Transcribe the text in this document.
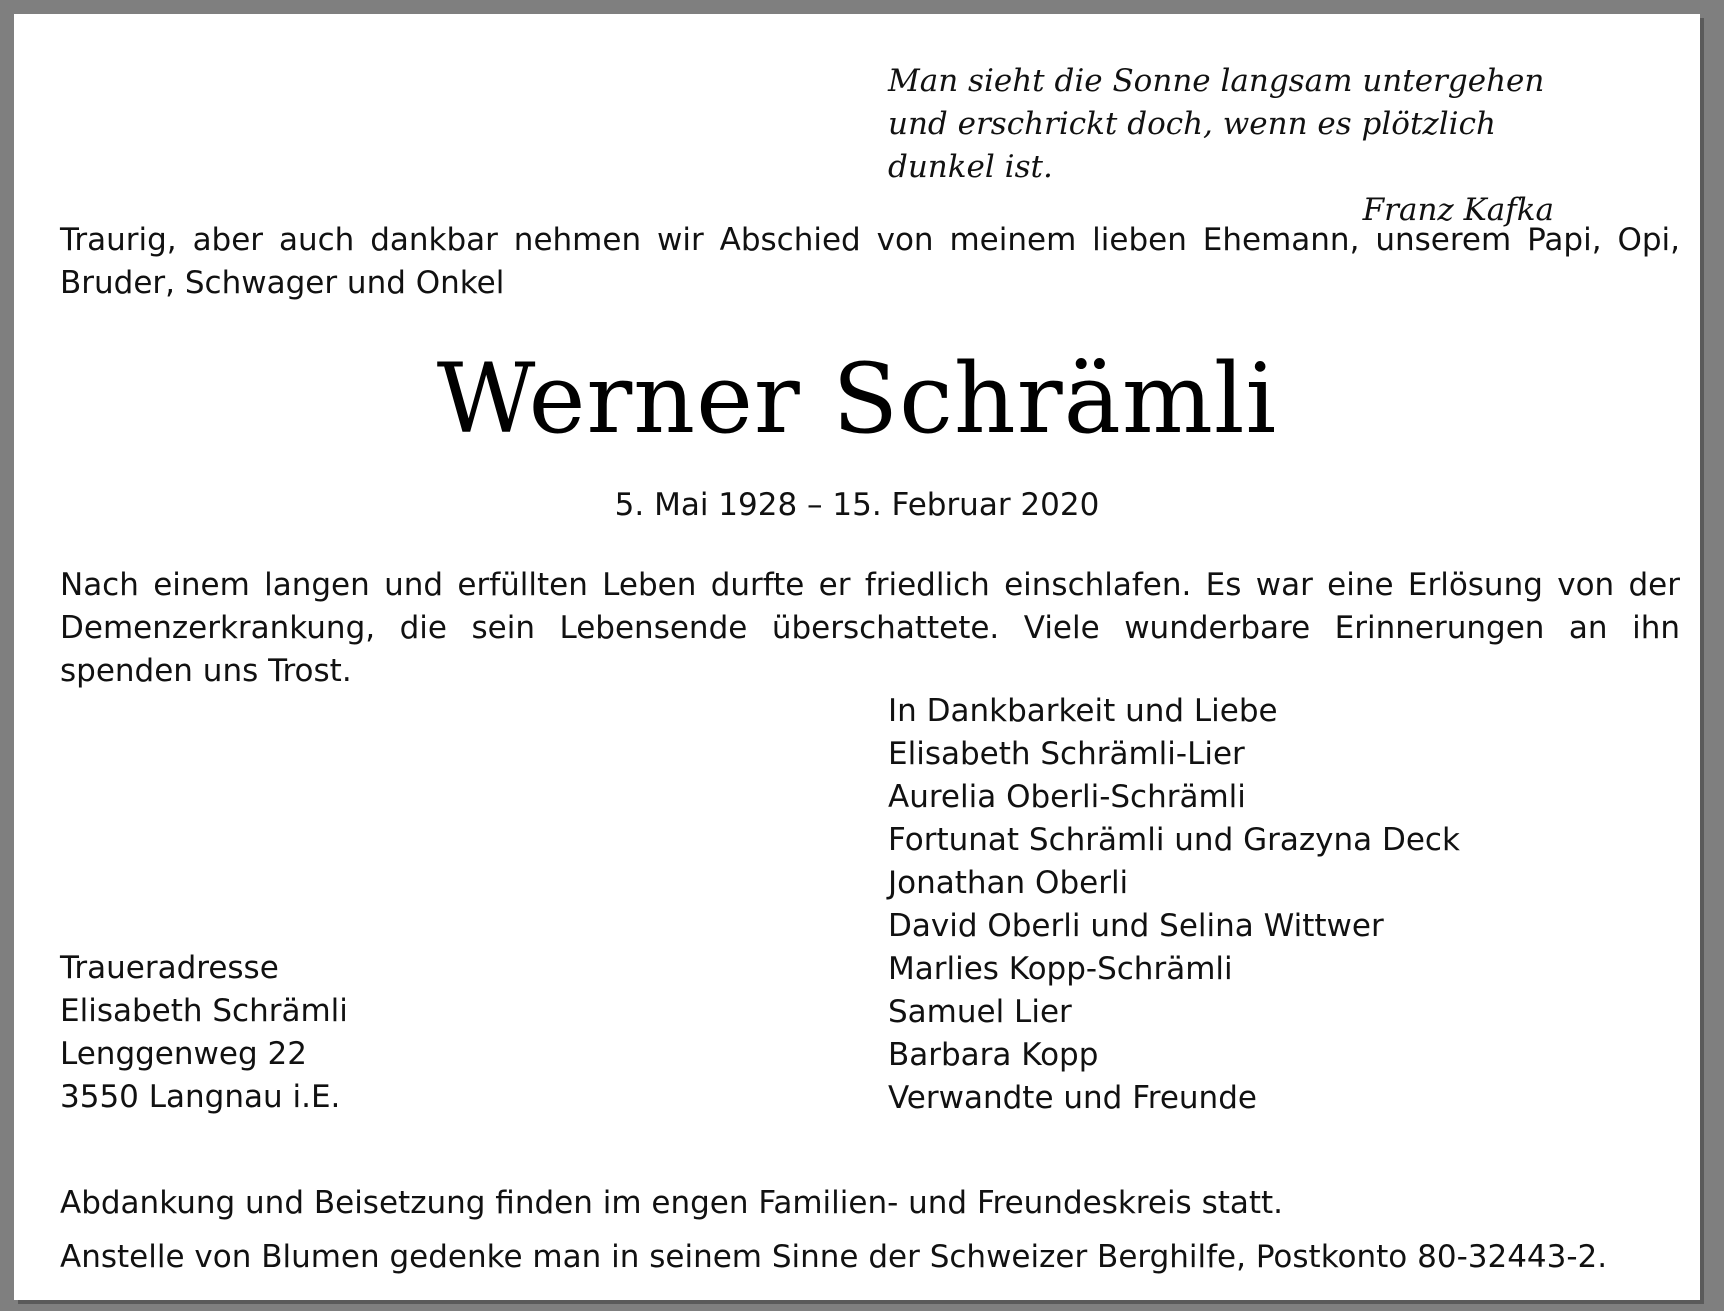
Man sieht die Sonne langsam untergehen
und erschrickt doch, wenn es plötzlich dunkel ist.
Franz Kafka
Traurig, aber auch dankbar nehmen wir Abschied von meinem lieben Ehemann, unserem Papi, Opi, Bruder, Schwager und Onkel
Werner Schrämli
5. Mai 1928 – 15. Februar 2020
Nach einem langen und erfüllten Leben durfte er friedlich einschlafen. Es war eine Erlösung von der Demenzerkrankung, die sein Lebensende überschattete. Viele wunderbare Erinnerungen an ihn spenden uns Trost.
In Dankbarkeit und Liebe
Elisabeth Schrämli-Lier
Aurelia Oberli-Schrämli
Fortunat Schrämli und Grazyna Deck
Jonathan Oberli
David Oberli und Selina Wittwer
Marlies Kopp-Schrämli
Samuel Lier
Barbara Kopp
Verwandte und Freunde
Traueradresse
Elisabeth Schrämli
Lenggenweg 22
3550 Langnau i.E.
Abdankung und Beisetzung finden im engen Familien- und Freundeskreis statt.
Anstelle von Blumen gedenke man in seinem Sinne der Schweizer Berghilfe, Postkonto 80-32443-2.
